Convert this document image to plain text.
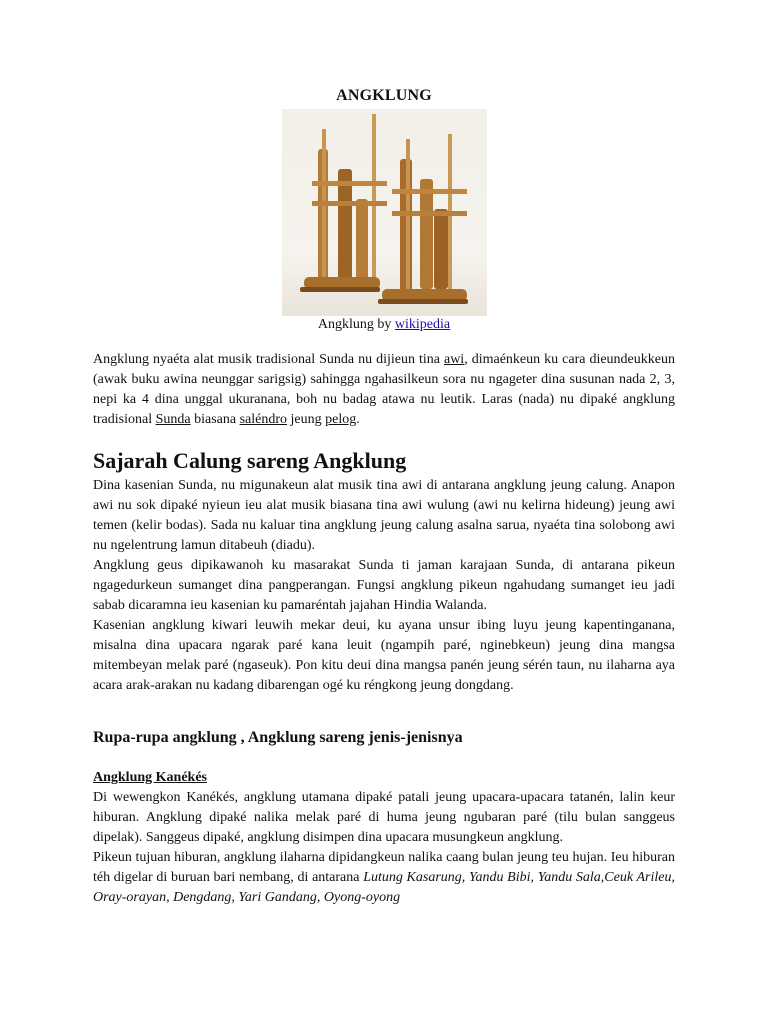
ANGKLUNG
Angklung by wikipedia

Angklung nyaéta alat musik tradisional Sunda nu dijieun tina awi, dimaénkeun ku cara dieundeukkeun (awak buku awina neunggar sarigsig) sahingga ngahasilkeun sora nu ngageter dina susunan nada 2, 3, nepi ka 4 dina unggal ukuranana, boh nu badag atawa nu leutik. Laras (nada) nu dipaké angklung tradisional Sunda biasana saléndro jeung pelog.

Sajarah Calung sareng Angklung

Dina kasenian Sunda, nu migunakeun alat musik tina awi di antarana angklung jeung calung. Anapon awi nu sok dipaké nyieun ieu alat musik biasana tina awi wulung (awi nu kelirna hideung) jeung awi temen (kelir bodas). Sada nu kaluar tina angklung jeung calung asalna sarua, nyaéta tina solobong awi nu ngelentrung lamun ditabeuh (diadu).

Angklung geus dipikawanoh ku masarakat Sunda ti jaman karajaan Sunda, di antarana pikeun ngagedurkeun sumanget dina pangperangan. Fungsi angklung pikeun ngahudang sumanget ieu jadi sabab dicaramna ieu kasenian ku pamaréntah jajahan Hindia Walanda.

Kasenian angklung kiwari leuwih mekar deui, ku ayana unsur ibing luyu jeung kapentinganana, misalna dina upacara ngarak paré kana leuit (ngampih paré, nginebkeun) jeung dina mangsa mitembeyan melak paré (ngaseuk). Pon kitu deui dina mangsa panén jeung sérén taun, nu ilaharna aya acara arak-arakan nu kadang dibarengan ogé ku réngkong jeung dongdang.

Rupa-rupa angklung , Angklung sareng jenis-jenisnya
Angklung Kanékés

Di wewengkon Kanékés, angklung utamana dipaké patali jeung upacara-upacara tatanén, lalin keur hiburan. Angklung dipaké nalika melak paré di huma jeung ngubaran paré (tilu bulan sanggeus dipelak). Sanggeus dipaké, angklung disimpen dina upacara musungkeun angklung.

Pikeun tujuan hiburan, angklung ilaharna dipidangkeun nalika caang bulan jeung teu hujan. Ieu hiburan téh digelar di buruan bari nembang, di antarana Lutung Kasarung, Yandu Bibi, Yandu Sala,Ceuk Arileu, Oray-orayan, Dengdang, Yari Gandang, Oyong-oyong
